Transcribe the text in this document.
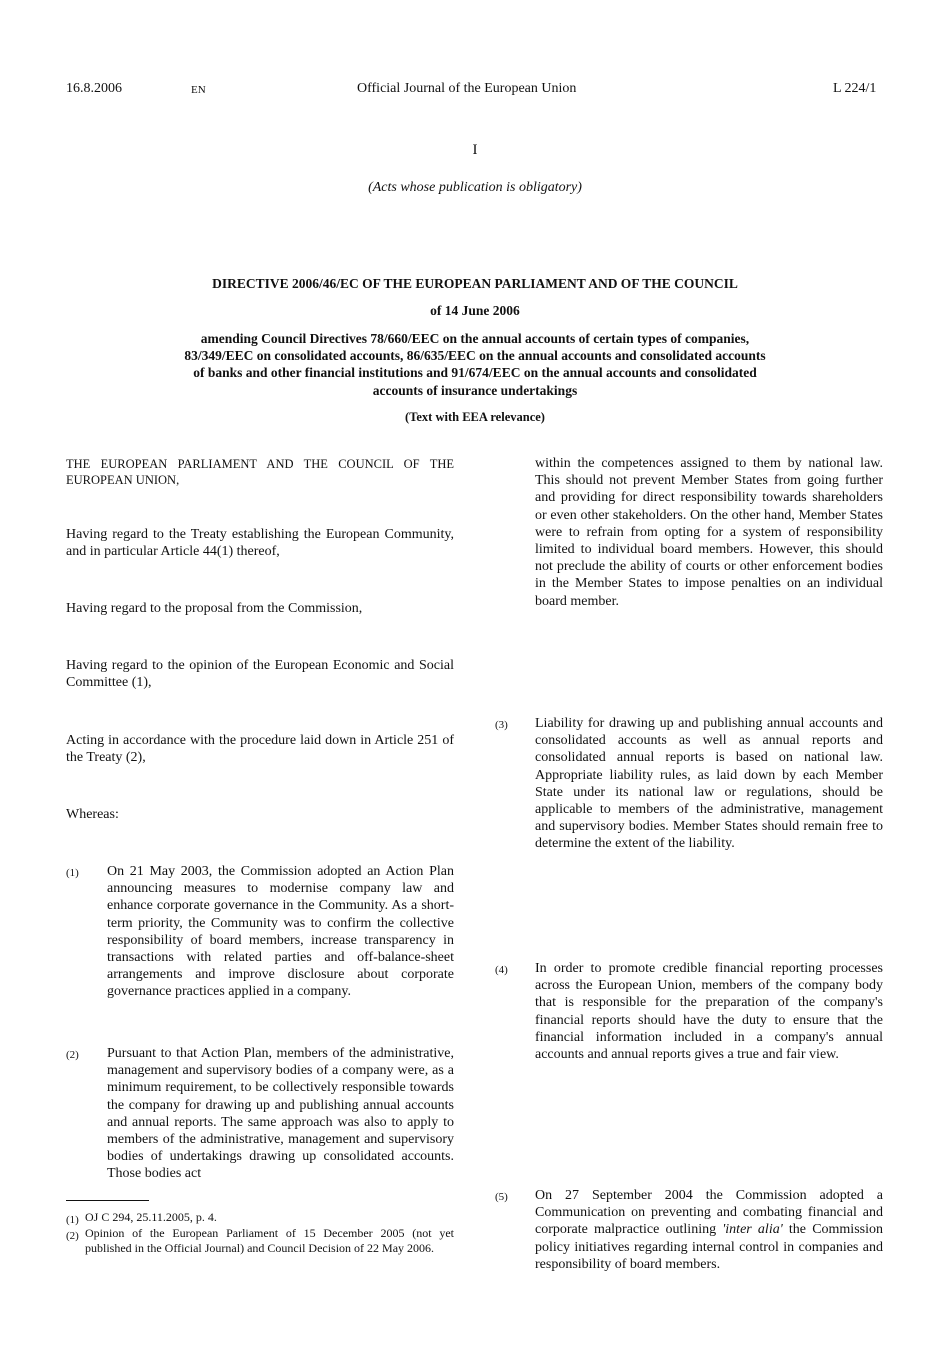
16.8.2006	EN	Official Journal of the European Union	L 224/1
I
(Acts whose publication is obligatory)
DIRECTIVE 2006/46/EC OF THE EUROPEAN PARLIAMENT AND OF THE COUNCIL
of 14 June 2006
amending Council Directives 78/660/EEC on the annual accounts of certain types of companies,
83/349/EEC on consolidated accounts, 86/635/EEC on the annual accounts and consolidated accounts
of banks and other financial institutions and 91/674/EEC on the annual accounts and consolidated
accounts of insurance undertakings
(Text with EEA relevance)
THE EUROPEAN PARLIAMENT AND THE COUNCIL OF THE EUROPEAN UNION,
Having regard to the Treaty establishing the European Community, and in particular Article 44(1) thereof,
Having regard to the proposal from the Commission,
Having regard to the opinion of the European Economic and Social Committee (1),
Acting in accordance with the procedure laid down in Article 251 of the Treaty (2),
Whereas:
(1) On 21 May 2003, the Commission adopted an Action Plan announcing measures to modernise company law and enhance corporate governance in the Community. As a short-term priority, the Community was to confirm the collective responsibility of board members, increase transparency in transactions with related parties and off-balance-sheet arrangements and improve disclosure about corporate governance practices applied in a company.
(2) Pursuant to that Action Plan, members of the administrative, management and supervisory bodies of a company were, as a minimum requirement, to be collectively responsible towards the company for drawing up and publishing annual accounts and annual reports. The same approach was also to apply to members of the administrative, management and supervisory bodies of undertakings drawing up consolidated accounts. Those bodies act
(1) OJ C 294, 25.11.2005, p. 4.
(2) Opinion of the European Parliament of 15 December 2005 (not yet published in the Official Journal) and Council Decision of 22 May 2006.
within the competences assigned to them by national law. This should not prevent Member States from going further and providing for direct responsibility towards shareholders or even other stakeholders. On the other hand, Member States were to refrain from opting for a system of responsibility limited to individual board members. However, this should not preclude the ability of courts or other enforcement bodies in the Member States to impose penalties on an individual board member.
(3) Liability for drawing up and publishing annual accounts and consolidated accounts as well as annual reports and consolidated annual reports is based on national law. Appropriate liability rules, as laid down by each Member State under its national law or regulations, should be applicable to members of the administrative, management and supervisory bodies. Member States should remain free to determine the extent of the liability.
(4) In order to promote credible financial reporting processes across the European Union, members of the company body that is responsible for the preparation of the company's financial reports should have the duty to ensure that the financial information included in a company's annual accounts and annual reports gives a true and fair view.
(5) On 27 September 2004 the Commission adopted a Communication on preventing and combating financial and corporate malpractice outlining 'inter alia' the Commission policy initiatives regarding internal control in companies and responsibility of board members.
